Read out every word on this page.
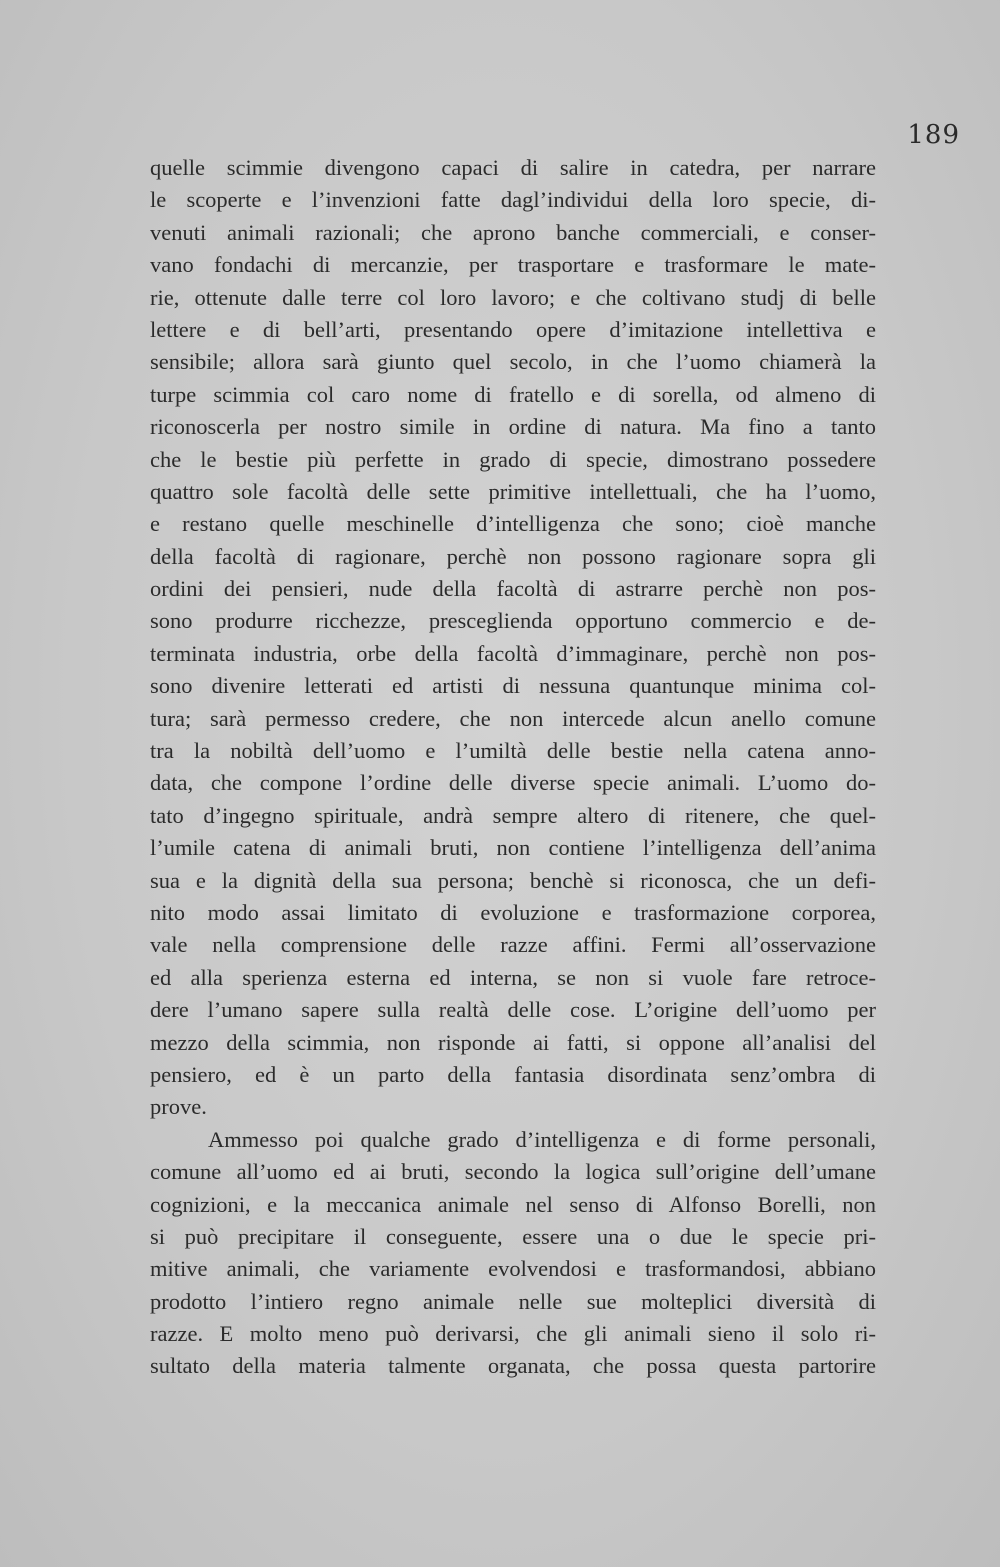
189
quelle scimmie divengono capaci di salire in catedra, per narrare
le scoperte e l’invenzioni fatte dagl’individui della loro specie, di-
venuti animali razionali; che aprono banche commerciali, e conser-
vano fondachi di mercanzie, per trasportare e trasformare le mate-
rie, ottenute dalle terre col loro lavoro; e che coltivano studj di belle
lettere e di bell’arti, presentando opere d’imitazione intellettiva e
sensibile; allora sarà giunto quel secolo, in che l’uomo chiamerà la
turpe scimmia col caro nome di fratello e di sorella, od almeno di
riconoscerla per nostro simile in ordine di natura. Ma fino a tanto
che le bestie più perfette in grado di specie, dimostrano possedere
quattro sole facoltà delle sette primitive intellettuali, che ha l’uomo,
e restano quelle meschinelle d’intelligenza che sono; cioè manche
della facoltà di ragionare, perchè non possono ragionare sopra gli
ordini dei pensieri, nude della facoltà di astrarre perchè non pos-
sono produrre ricchezze, presceglienda opportuno commercio e de-
terminata industria, orbe della facoltà d’immaginare, perchè non pos-
sono divenire letterati ed artisti di nessuna quantunque minima col-
tura; sarà permesso credere, che non intercede alcun anello comune
tra la nobiltà dell’uomo e l’umiltà delle bestie nella catena anno-
data, che compone l’ordine delle diverse specie animali. L’uomo do-
tato d’ingegno spirituale, andrà sempre altero di ritenere, che quel-
l’umile catena di animali bruti, non contiene l’intelligenza dell’anima
sua e la dignità della sua persona; benchè si riconosca, che un defi-
nito modo assai limitato di evoluzione e trasformazione corporea,
vale nella comprensione delle razze affini. Fermi all’osservazione
ed alla sperienza esterna ed interna, se non si vuole fare retroce-
dere l’umano sapere sulla realtà delle cose. L’origine dell’uomo per
mezzo della scimmia, non risponde ai fatti, si oppone all’analisi del
pensiero, ed è un parto della fantasia disordinata senz’ombra di
prove.
Ammesso poi qualche grado d’intelligenza e di forme personali,
comune all’uomo ed ai bruti, secondo la logica sull’origine dell’umane
cognizioni, e la meccanica animale nel senso di Alfonso Borelli, non
si può precipitare il conseguente, essere una o due le specie pri-
mitive animali, che variamente evolvendosi e trasformandosi, abbiano
prodotto l’intiero regno animale nelle sue molteplici diversità di
razze. E molto meno può derivarsi, che gli animali sieno il solo ri-
sultato della materia talmente organata, che possa questa partorire
